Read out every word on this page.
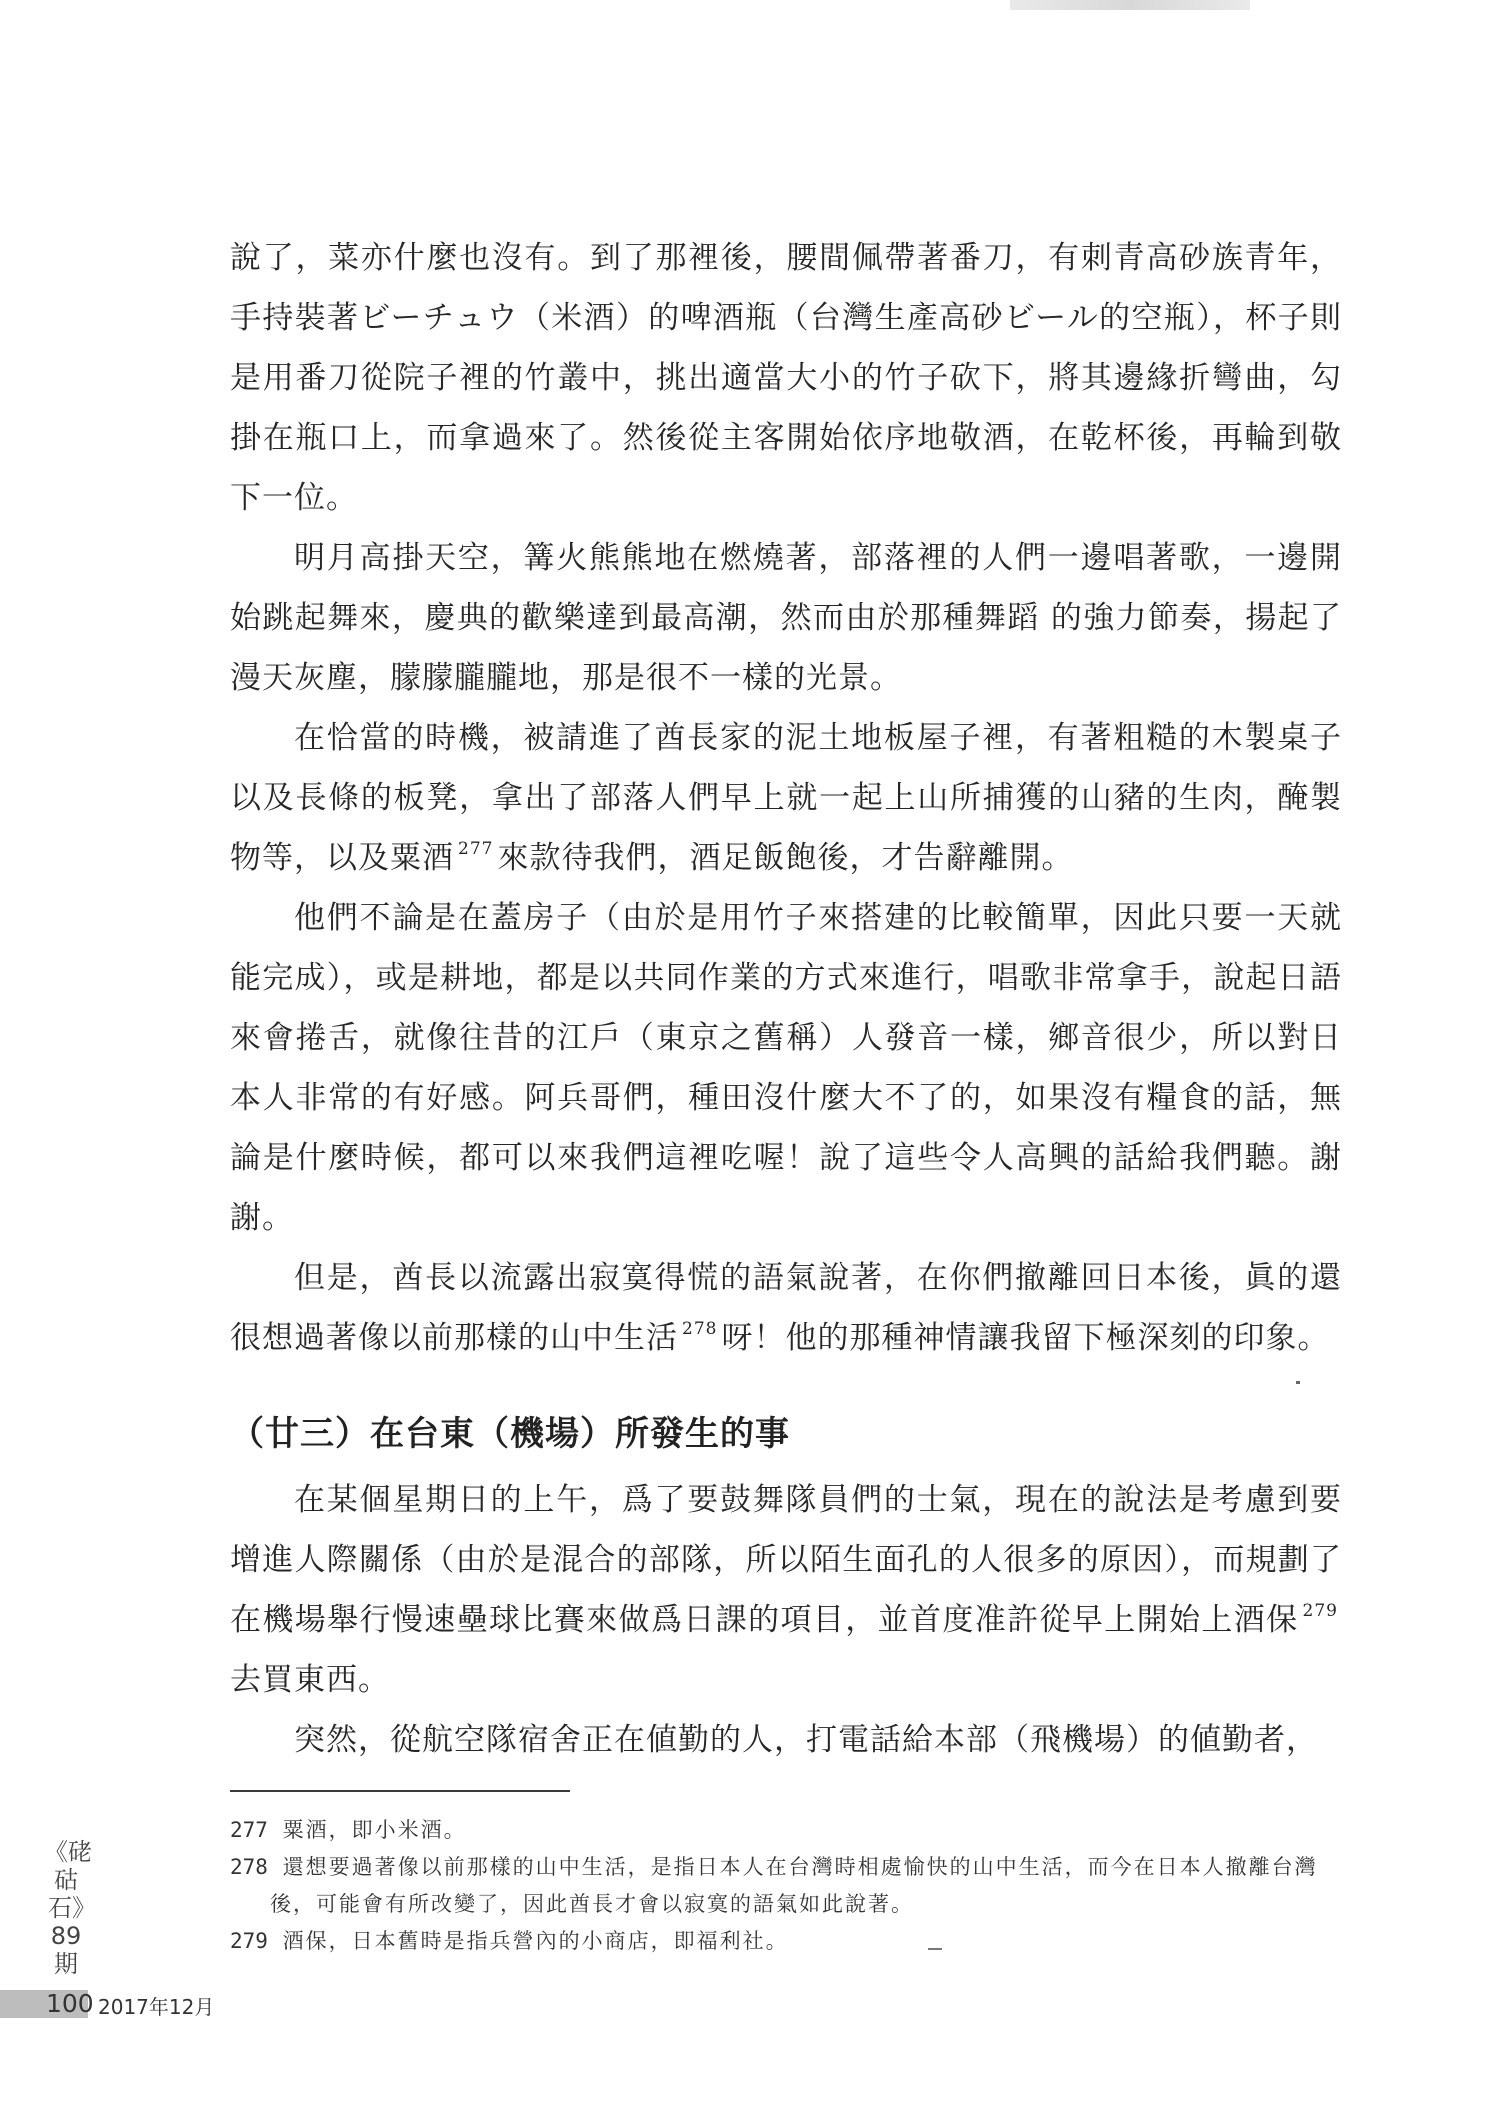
說了，菜亦什麼也沒有。到了那裡後，腰間佩帶著番刀，有刺青高砂族青年，手持裝著ビーチュウ（米酒）的啤酒瓶（台灣生產高砂ビール的空瓶），杯子則是用番刀從院子裡的竹叢中，挑出適當大小的竹子砍下，將其邊緣折彎曲，勾掛在瓶口上，而拿過來了。然後從主客開始依序地敬酒，在乾杯後，再輪到敬下一位。

明月高掛天空，篝火熊熊地在燃燒著，部落裡的人們一邊唱著歌，一邊開始跳起舞來，慶典的歡樂達到最高潮，然而由於那種舞蹈 的強力節奏，揚起了漫天灰塵，朦朦朧朧地，那是很不一樣的光景。

在恰當的時機，被請進了酋長家的泥土地板屋子裡，有著粗糙的木製桌子以及長條的板凳，拿出了部落人們早上就一起上山所捕獲的山豬的生肉，醃製物等，以及粟酒 $^{277}$ 來款待我們，酒足飯飽後，才告辭離開。

他們不論是在蓋房子（由於是用竹子來搭建的比較簡單，因此只要一天就能完成），或是耕地，都是以共同作業的方式來進行，唱歌非常拿手，說起日語來會捲舌，就像往昔的江戶（東京之舊稱）人發音一樣，鄉音很少，所以對日本人非常的有好感。阿兵哥們，種田沒什麼大不了的，如果沒有糧食的話，無論是什麼時候，都可以來我們這裡吃喔！說了這些令人高興的話給我們聽。謝謝。

但是，酋長以流露出寂寞得慌的語氣說著，在你們撤離回日本後，眞的還很想過著像以前那樣的山中生活 $^{278}$ 呀！他的那種神情讓我留下極深刻的印象。

（廿三）在台東（機場）所發生的事

在某個星期日的上午，爲了要鼓舞隊員們的士氣，現在的說法是考慮到要增進人際關係（由於是混合的部隊，所以陌生面孔的人很多的原因），而規劃了在機場舉行慢速壘球比賽來做爲日課的項目，並首度准許從早上開始上酒保 $^{279}$去買東西。

突然，從航空隊宿舍正在値勤的人，打電話給本部（飛機場）的値勤者，

277 粟酒，即小米酒。

278 還想要過著像以前那樣的山中生活，是指日本人在台灣時相處愉快的山中生活，而今在日本人撤離台灣後，可能會有所改變了，因此酋長才會以寂寞的語氣如此說著。

279 酒保，日本舊時是指兵營內的小商店，即福利社。

《硓𥑮石》89期
100 2017年12月
